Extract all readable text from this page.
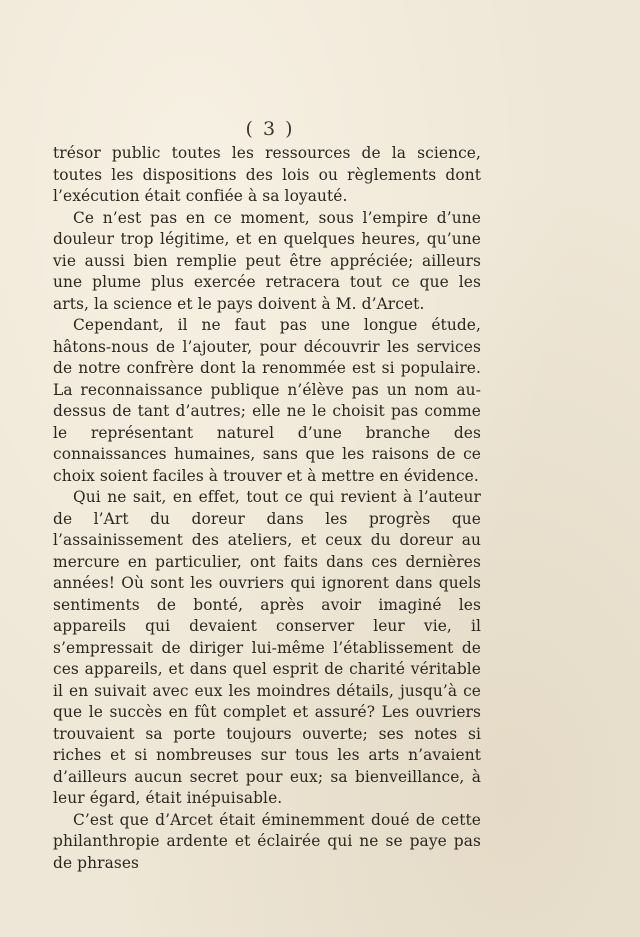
( 3 )

trésor public toutes les ressources de la science, toutes les dispositions des lois ou règlements dont l’exécution était confiée à sa loyauté.

Ce n’est pas en ce moment, sous l’empire d’une douleur trop légitime, et en quelques heures, qu’une vie aussi bien remplie peut être appréciée; ailleurs une plume plus exercée retracera tout ce que les arts, la science et le pays doivent à M. d’Arcet.

Cependant, il ne faut pas une longue étude, hâtons-nous de l’ajouter, pour découvrir les services de notre confrère dont la renommée est si populaire. La reconnaissance publique n’élève pas un nom au-dessus de tant d’autres; elle ne le choisit pas comme le représentant naturel d’une branche des connaissances humaines, sans que les raisons de ce choix soient faciles à trouver et à mettre en évidence.

Qui ne sait, en effet, tout ce qui revient à l’auteur de l’Art du doreur dans les progrès que l’assainissement des ateliers, et ceux du doreur au mercure en particulier, ont faits dans ces dernières années! Où sont les ouvriers qui ignorent dans quels sentiments de bonté, après avoir imaginé les appareils qui devaient conserver leur vie, il s’empressait de diriger lui-même l’établissement de ces appareils, et dans quel esprit de charité véritable il en suivait avec eux les moindres détails, jusqu’à ce que le succès en fût complet et assuré? Les ouvriers trouvaient sa porte toujours ouverte; ses notes si riches et si nombreuses sur tous les arts n’avaient d’ailleurs aucun secret pour eux; sa bienveillance, à leur égard, était inépuisable.

C’est que d’Arcet était éminemment doué de cette philanthropie ardente et éclairée qui ne se paye pas de phrases
